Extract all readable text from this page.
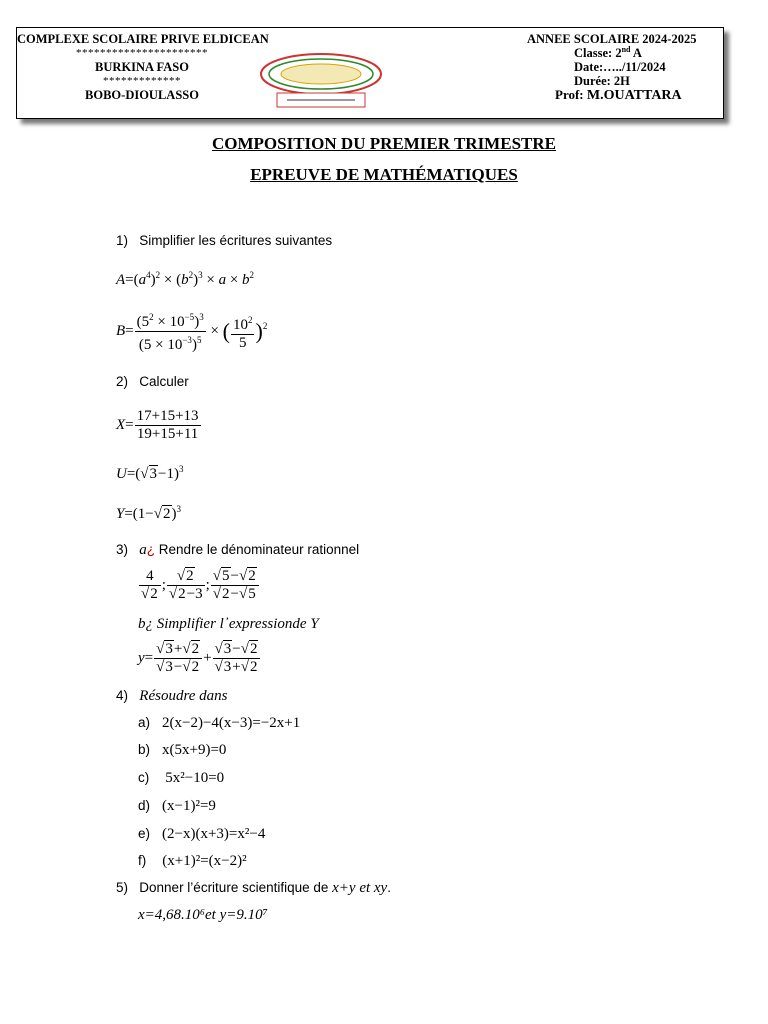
COMPLEXE SCOLAIRE PRIVE ELDICEAN
**********************
BURKINA FASO
*************
BOBO-DIOULASSO
ANNEE SCOLAIRE 2024-2025
Classe: 2nd A
Date:…../11/2024
Durée: 2H
Prof: M.OUATTARA
COMPOSITION DU PREMIER TRIMESTRE
EPREUVE DE MATHÉMATIQUES
1) Simplifier les écritures suivantes
$A=(a^4)^2 \times (b^2)^3 \times a \times b^2$
$B= \frac{(5^2 \times 10^{-5})^3}{(5 \times 10^{-3})^5}$ × ( $\frac{10^2}{5} )^2$
2) Calculer
$X= \frac{17+15+13}{19+15+11}$
$U=(√3-1)^3$
$Y=(1-√2)^3$
3) a¿ Rendre le dénominateur rationnel
$\frac{4}{√2}$ ; $\frac{√2}{√2-3}$ ; $\frac{√5-√2}{√2-√5}$
b¿ Simplifier l᾿expressionde Y
$y= \frac{√3+√2}{√3-√2} + \frac{√3-√2}{√3+√2}$
4) Résoudre dans
a) 2(x−2)−4(x−3)=−2x+1
b) x(5x+9)=0
c) 5x²−10=0
d) (x−1)²=9
e) (2−x)(x+3)=x²−4
f) (x+1)²=(x−2)²
5) Donner l’écriture scientifique de x+y et xy.
x=4,68.10⁶et y=9.10⁷
